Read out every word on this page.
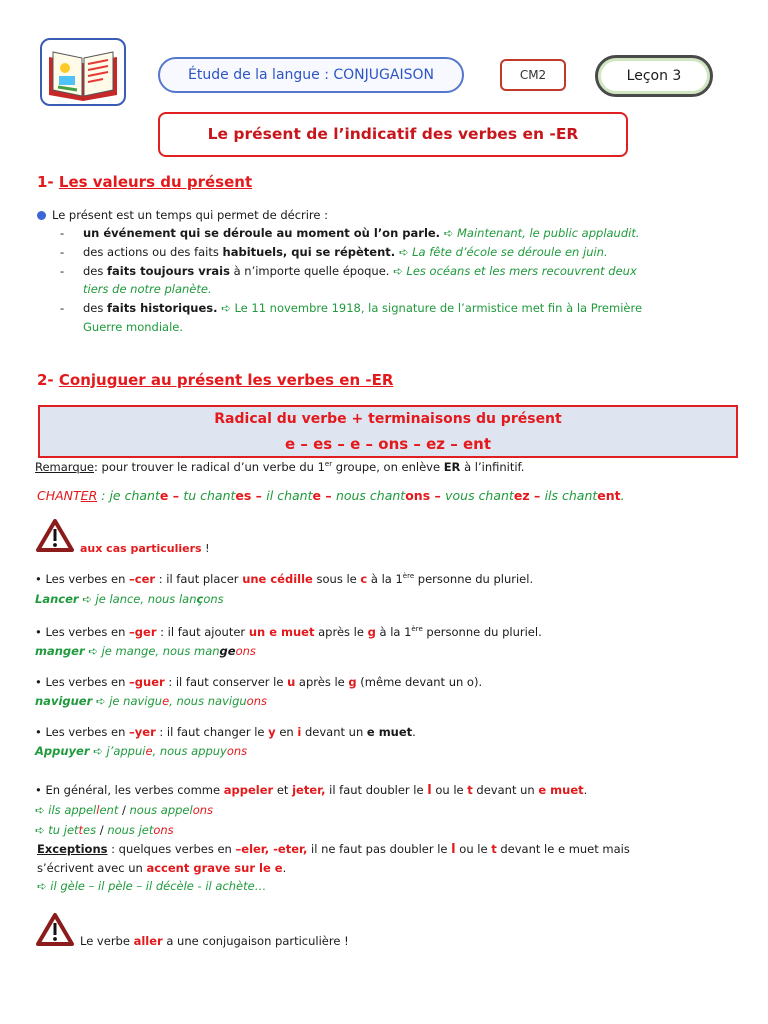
Étude de la langue : CONJUGAISON	CM2	Leçon 3
Le présent de l’indicatif des verbes en -ER
1- Les valeurs du présent
Le présent est un temps qui permet de décrire :
- un événement qui se déroule au moment où l’on parle. ➪ Maintenant, le public applaudit.
- des actions ou des faits habituels, qui se répètent. ➪ La fête d’école se déroule en juin.
- des faits toujours vrais à n’importe quelle époque. ➪ Les océans et les mers recouvrent deux
tiers de notre planète.
- des faits historiques. ➪ Le 11 novembre 1918, la signature de l’armistice met fin à la Première
Guerre mondiale.
2- Conjuguer au présent les verbes en -ER
Radical du verbe + terminaisons du présent
e – es – e – ons – ez – ent
Remarque: pour trouver le radical d’un verbe du 1er groupe, on enlève ER à l’infinitif.
CHANTER : je chante – tu chantes – il chante – nous chantons – vous chantez – ils chantent.
aux cas particuliers !
• Les verbes en –cer : il faut placer une cédille sous le c à la 1ère personne du pluriel.
Lancer ➪ je lance, nous lançons
• Les verbes en –ger : il faut ajouter un e muet après le g à la 1ère personne du pluriel.
manger ➪ je mange, nous mangeons
• Les verbes en –guer : il faut conserver le u après le g (même devant un o).
naviguer ➪ je navigue, nous naviguons
• Les verbes en –yer : il faut changer le y en i devant un e muet.
Appuyer ➪ j’appuie, nous appuyons
• En général, les verbes comme appeler et jeter, il faut doubler le l ou le t devant un e muet.
➪ ils appellent / nous appelons
➪ tu jettes / nous jetons
Exceptions : quelques verbes en –eler, -eter, il ne faut pas doubler le l ou le t devant le e muet mais
s’écrivent avec un accent grave sur le e.
➪ il gèle – il pèle – il décèle - il achète…
Le verbe aller a une conjugaison particulière !
